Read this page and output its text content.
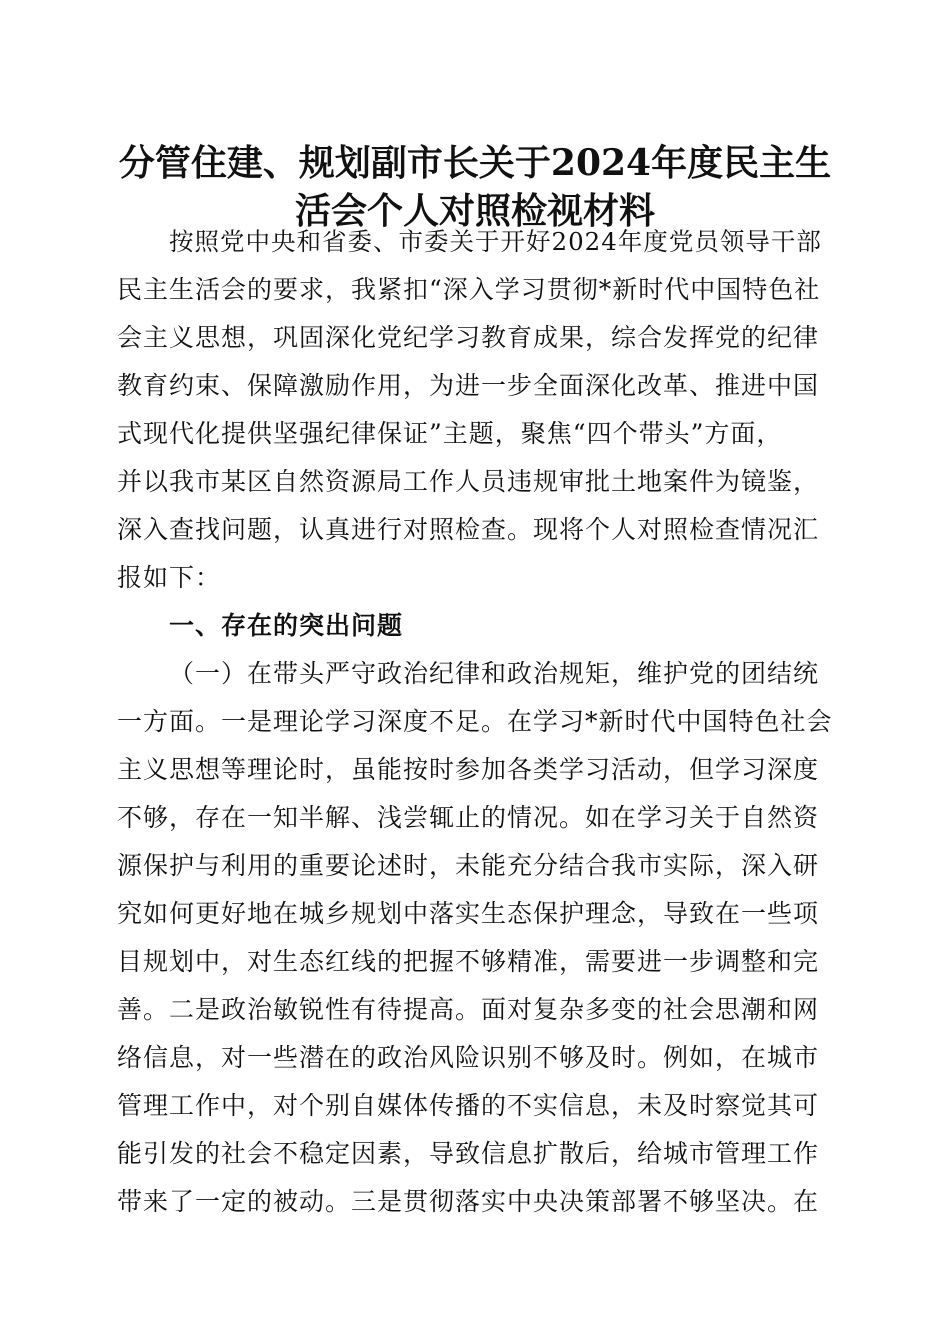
分管住建、规划副市长关于2024年度民主生
活会个人对照检视材料
按照党中央和省委、市委关于开好2024年度党员领导干部
民主生活会的要求，我紧扣“深入学习贯彻*新时代中国特色社
会主义思想，巩固深化党纪学习教育成果，综合发挥党的纪律
教育约束、保障激励作用，为进一步全面深化改革、推进中国
式现代化提供坚强纪律保证”主题，聚焦“四个带头”方面，
并以我市某区自然资源局工作人员违规审批土地案件为镜鉴，
深入查找问题，认真进行对照检查。现将个人对照检查情况汇
报如下：
一、存在的突出问题
（一）在带头严守政治纪律和政治规矩，维护党的团结统
一方面。一是理论学习深度不足。在学习*新时代中国特色社会
主义思想等理论时，虽能按时参加各类学习活动，但学习深度
不够，存在一知半解、浅尝辄止的情况。如在学习关于自然资
源保护与利用的重要论述时，未能充分结合我市实际，深入研
究如何更好地在城乡规划中落实生态保护理念，导致在一些项
目规划中，对生态红线的把握不够精准，需要进一步调整和完
善。二是政治敏锐性有待提高。面对复杂多变的社会思潮和网
络信息，对一些潜在的政治风险识别不够及时。例如，在城市
管理工作中，对个别自媒体传播的不实信息，未及时察觉其可
能引发的社会不稳定因素，导致信息扩散后，给城市管理工作
带来了一定的被动。三是贯彻落实中央决策部署不够坚决。在
